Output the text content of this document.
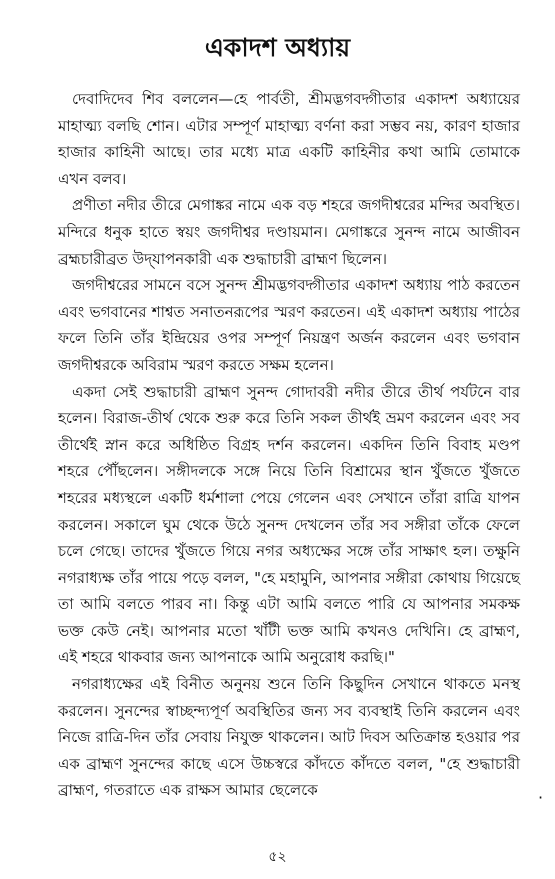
একাদশ অধ্যায়

দেবাদিদেব শিব বললেন—হে পার্বতী, শ্রীমদ্ভগবদ্গীতার একাদশ অধ্যায়ের মাহাত্ম্য বলছি শোন। এটার সম্পূর্ণ মাহাত্ম্য বর্ণনা করা সম্ভব নয়, কারণ হাজার হাজার কাহিনী আছে। তার মধ্যে মাত্র একটি কাহিনীর কথা আমি তোমাকে এখন বলব।

প্রণীতা নদীর তীরে মেগাঙ্কর নামে এক বড় শহরে জগদীশ্বরের মন্দির অবস্থিত। মন্দিরে ধনুক হাতে স্বয়ং জগদীশ্বর দণ্ডায়মান। মেগাঙ্করে সুনন্দ নামে আজীবন ব্রহ্মচারীব্রত উদ্‌যাপনকারী এক শুদ্ধাচারী ব্রাহ্মণ ছিলেন।

জগদীশ্বরের সামনে বসে সুনন্দ শ্রীমদ্ভগবদ্গীতার একাদশ অধ্যায় পাঠ করতেন এবং ভগবানের শাশ্বত সনাতনরূপের স্মরণ করতেন। এই একাদশ অধ্যায় পাঠের ফলে তিনি তাঁর ইন্দ্রিয়ের ওপর সম্পূর্ণ নিয়ন্ত্রণ অর্জন করলেন এবং ভগবান জগদীশ্বরকে অবিরাম স্মরণ করতে সক্ষম হলেন।

একদা সেই শুদ্ধাচারী ব্রাহ্মণ সুনন্দ গোদাবরী নদীর তীরে তীর্থ পর্যটনে বার হলেন। বিরাজ-তীর্থ থেকে শুরু করে তিনি সকল তীর্থই ভ্রমণ করলেন এবং সব তীর্থেই স্নান করে অধিষ্ঠিত বিগ্রহ দর্শন করলেন। একদিন তিনি বিবাহ মণ্ডপ শহরে পৌঁছলেন। সঙ্গীদলকে সঙ্গে নিয়ে তিনি বিশ্রামের স্থান খুঁজতে খুঁজতে শহরের মধ্যস্থলে একটি ধর্মশালা পেয়ে গেলেন এবং সেখানে তাঁরা রাত্রি যাপন করলেন। সকালে ঘুম থেকে উঠে সুনন্দ দেখলেন তাঁর সব সঙ্গীরা তাঁকে ফেলে চলে গেছে। তাদের খুঁজতে গিয়ে নগর অধ্যক্ষের সঙ্গে তাঁর সাক্ষাৎ হল। তক্ষুনি নগরাধ্যক্ষ তাঁর পায়ে পড়ে বলল, "হে মহামুনি, আপনার সঙ্গীরা কোথায় গিয়েছে তা আমি বলতে পারব না। কিন্তু এটা আমি বলতে পারি যে আপনার সমকক্ষ ভক্ত কেউ নেই। আপনার মতো খাঁটী ভক্ত আমি কখনও দেখিনি। হে ব্রাহ্মণ, এই শহরে থাকবার জন্য আপনাকে আমি অনুরোধ করছি।"

নগরাধ্যক্ষের এই বিনীত অনুনয় শুনে তিনি কিছুদিন সেখানে থাকতে মনস্থ করলেন। সুনন্দের স্বাচ্ছন্দ্যপূর্ণ অবস্থিতির জন্য সব ব্যবস্থাই তিনি করলেন এবং নিজে রাত্রি-দিন তাঁর সেবায় নিযুক্ত থাকলেন। আট দিবস অতিক্রান্ত হওয়ার পর এক ব্রাহ্মণ সুনন্দের কাছে এসে উচ্চস্বরে কাঁদতে কাঁদতে বলল, "হে শুদ্ধাচারী ব্রাহ্মণ, গতরাতে এক রাক্ষস আমার ছেলেকে	·
৫২
